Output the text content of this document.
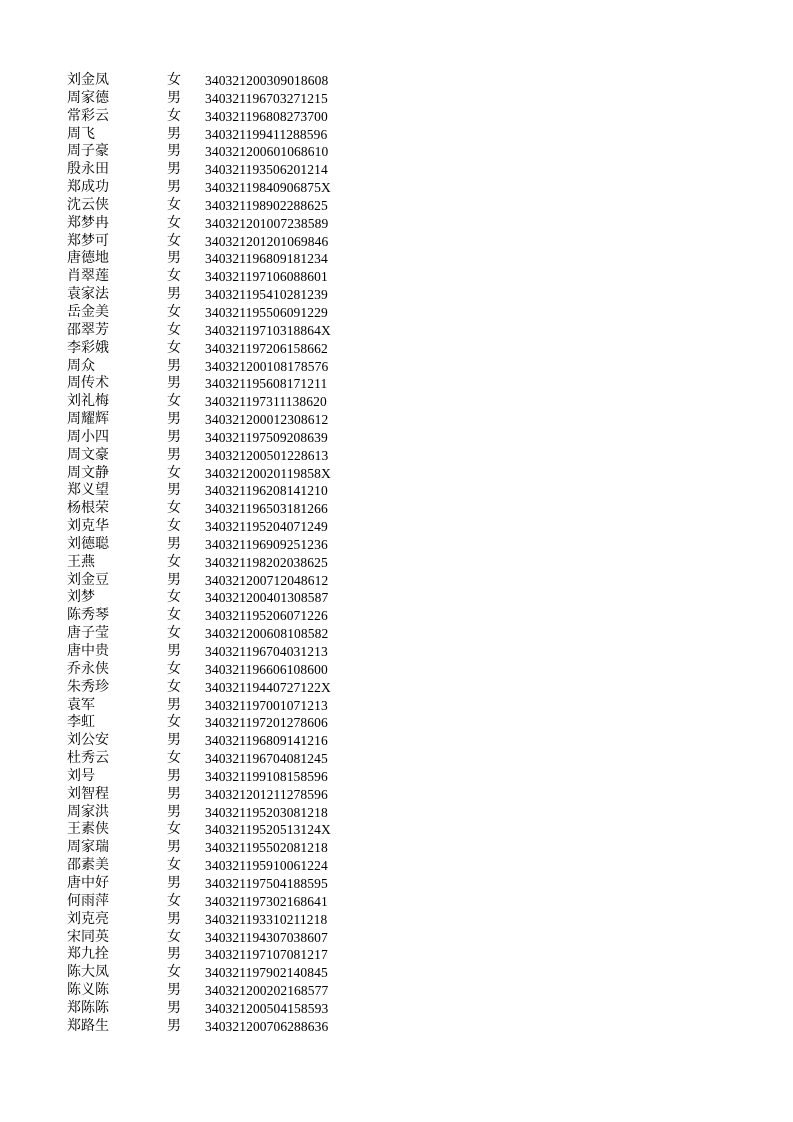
刘金凤	女	340321200309018608
周家德	男	340321196703271215
常彩云	女	340321196808273700
周飞	男	340321199411288596
周子豪	男	340321200601068610
殷永田	男	340321193506201214
郑成功	男	34032119840906875X
沈云侠	女	340321198902288625
郑梦冉	女	340321201007238589
郑梦可	女	340321201201069846
唐德地	男	340321196809181234
肖翠莲	女	340321197106088601
袁家法	男	340321195410281239
岳金美	女	340321195506091229
邵翠芳	女	34032119710318864X
李彩娥	女	340321197206158662
周众	男	340321200108178576
周传术	男	340321195608171211
刘礼梅	女	340321197311138620
周耀辉	男	340321200012308612
周小四	男	340321197509208639
周文豪	男	340321200501228613
周文静	女	34032120020119858X
郑义望	男	340321196208141210
杨根荣	女	340321196503181266
刘克华	女	340321195204071249
刘德聪	男	340321196909251236
王燕	女	340321198202038625
刘金豆	男	340321200712048612
刘梦	女	340321200401308587
陈秀琴	女	340321195206071226
唐子莹	女	340321200608108582
唐中贵	男	340321196704031213
乔永侠	女	340321196606108600
朱秀珍	女	34032119440727122X
袁军	男	340321197001071213
李虹	女	340321197201278606
刘公安	男	340321196809141216
杜秀云	女	340321196704081245
刘号	男	340321199108158596
刘智程	男	340321201211278596
周家洪	男	340321195203081218
王素侠	女	34032119520513124X
周家瑞	男	340321195502081218
邵素美	女	340321195910061224
唐中好	男	340321197504188595
何雨萍	女	340321197302168641
刘克亮	男	340321193310211218
宋同英	女	340321194307038607
郑九拴	男	340321197107081217
陈大凤	女	340321197902140845
陈义陈	男	340321200202168577
郑陈陈	男	340321200504158593
郑路生	男	340321200706288636
